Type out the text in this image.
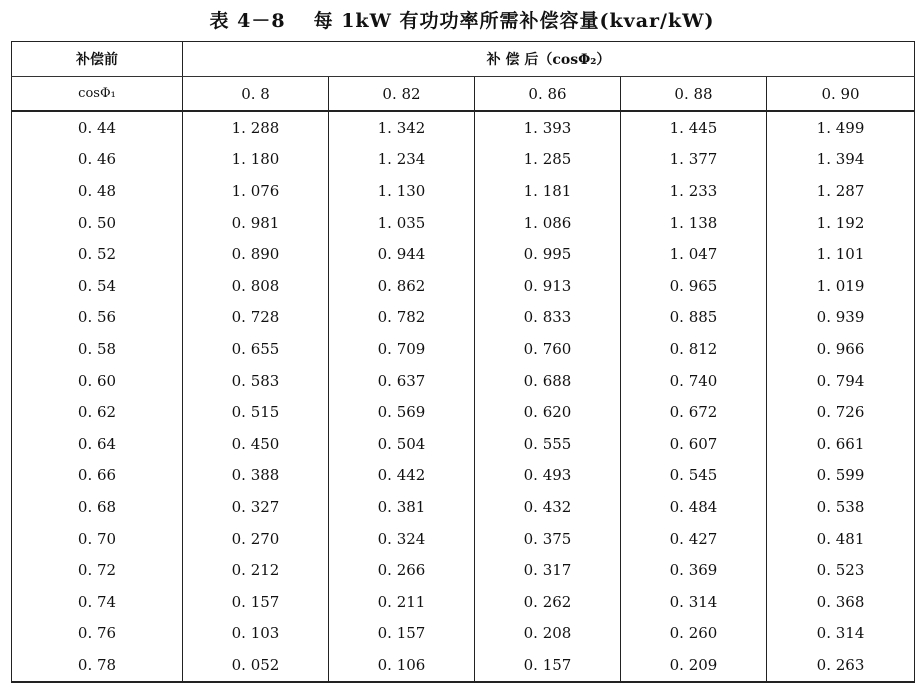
表 4－8 每 1kW 有功功率所需补偿容量(kvar/kW)
补偿前	补 偿 后（cosΦ₂）				
cosΦ₁	0. 8	0. 82	0. 86	0. 88	0. 90
0. 44	1. 288	1. 342	1. 393	1. 445	1. 499
0. 46	1. 180	1. 234	1. 285	1. 377	1. 394
0. 48	1. 076	1. 130	1. 181	1. 233	1. 287
0. 50	0. 981	1. 035	1. 086	1. 138	1. 192
0. 52	0. 890	0. 944	0. 995	1. 047	1. 101
0. 54	0. 808	0. 862	0. 913	0. 965	1. 019
0. 56	0. 728	0. 782	0. 833	0. 885	0. 939
0. 58	0. 655	0. 709	0. 760	0. 812	0. 966
0. 60	0. 583	0. 637	0. 688	0. 740	0. 794
0. 62	0. 515	0. 569	0. 620	0. 672	0. 726
0. 64	0. 450	0. 504	0. 555	0. 607	0. 661
0. 66	0. 388	0. 442	0. 493	0. 545	0. 599
0. 68	0. 327	0. 381	0. 432	0. 484	0. 538
0. 70	0. 270	0. 324	0. 375	0. 427	0. 481
0. 72	0. 212	0. 266	0. 317	0. 369	0. 523
0. 74	0. 157	0. 211	0. 262	0. 314	0. 368
0. 76	0. 103	0. 157	0. 208	0. 260	0. 314
0. 78	0. 052	0. 106	0. 157	0. 209	0. 263
